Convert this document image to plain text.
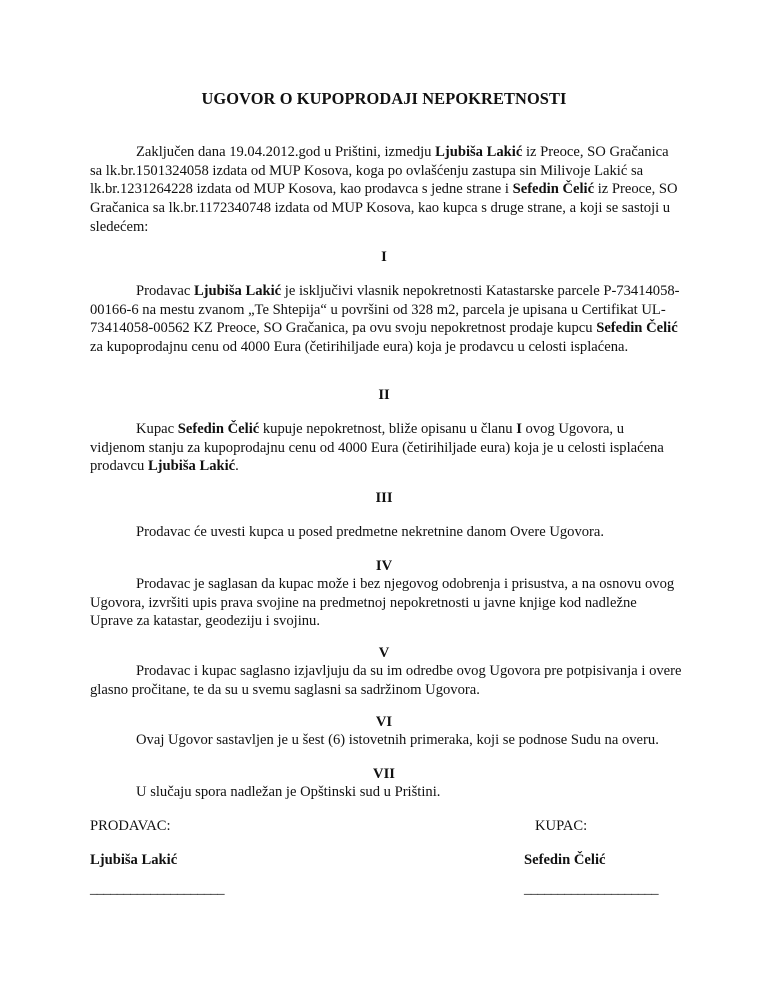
UGOVOR O KUPOPRODAJI NEPOKRETNOSTI

Zaključen dana 19.04.2012.god u Prištini, izmedju Ljubiša Lakić iz Preoce, SO Gračanica sa lk.br.1501324058 izdata od MUP Kosova, koga po ovlašćenju zastupa sin Milivoje Lakić sa lk.br.1231264228 izdata od MUP Kosova, kao prodavca s jedne strane i Sefedin Čelić iz Preoce, SO Gračanica sa lk.br.1172340748 izdata od MUP Kosova, kao kupca s druge strane, a koji se sastoji u sledećem:

I

Prodavac Ljubiša Lakić je isključivi vlasnik nepokretnosti Katastarske parcele P-73414058-00166-6 na mestu zvanom „Te Shtepija“ u površini od 328 m2, parcela je upisana u Certifikat UL-73414058-00562 KZ Preoce, SO Gračanica, pa ovu svoju nepokretnost prodaje kupcu Sefedin Čelić za kupoprodajnu cenu od 4000 Eura (četirihiljade eura) koja je prodavcu u celosti isplaćena.

II

Kupac Sefedin Čelić kupuje nepokretnost, bliže opisanu u članu I ovog Ugovora, u vidjenom stanju za kupoprodajnu cenu od 4000 Eura (četirihiljade eura) koja je u celosti isplaćena prodavcu Ljubiša Lakić.

III

Prodavac će uvesti kupca u posed predmetne nekretnine danom Overe Ugovora.

IV

Prodavac je saglasan da kupac može i bez njegovog odobrenja i prisustva, a na osnovu ovog Ugovora, izvršiti upis prava svojine na predmetnoj nepokretnosti u javne knjige kod nadležne Uprave za katastar, geodeziju i svojinu.

V

Prodavac i kupac saglasno izjavljuju da su im odredbe ovog Ugovora pre potpisivanja i overe glasno pročitane, te da su u svemu saglasni sa sadržinom Ugovora.

VI

Ovaj Ugovor sastavljen je u šest (6) istovetnih primeraka, koji se podnose Sudu na overu.

VII

U slučaju spora nadležan je Opštinski sud u Prištini.

PRODAVAC:	KUPAC:
Ljubiša Lakić	Sefedin Čelić
____________________	____________________
